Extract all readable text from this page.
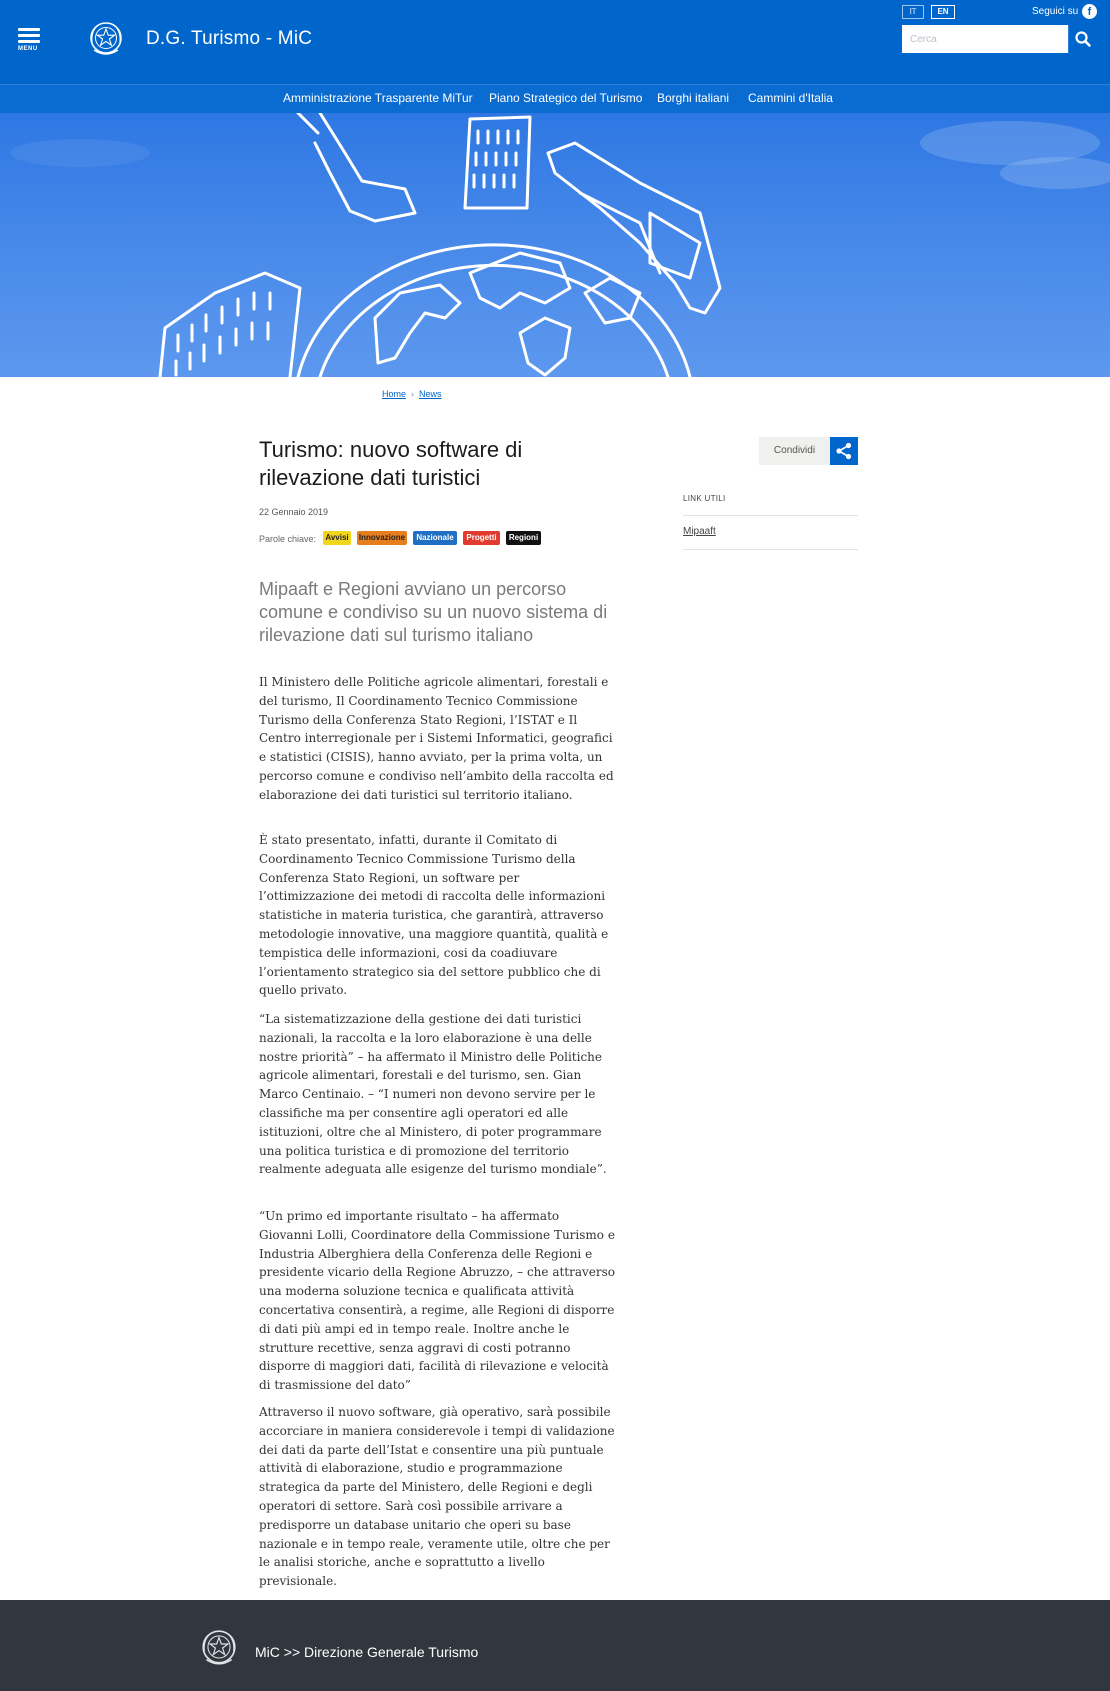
MENU	D.G. Turismo - MiC
IT	EN	Seguici su f
Cerca
Amministrazione Trasparente MiTur Piano Strategico del Turismo Borghi italiani Cammini d'Italia
Home › News
Turismo: nuovo software di rilevazione dati turistici
22 Gennaio 2019
Parole chiave: Avvisi Innovazione	Nazionale	Progetti	Regioni
Mipaaft e Regioni avviano un percorso comune e condiviso su un nuovo sistema di rilevazione dati sul turismo italiano

Il Ministero delle Politiche agricole alimentari, forestali e del turismo, Il Coordinamento Tecnico Commissione Turismo della Conferenza Stato Regioni, l’ISTAT e Il Centro interregionale per i Sistemi Informatici, geografici e statistici (CISIS), hanno avviato, per la prima volta, un percorso comune e condiviso nell’ambito della raccolta ed elaborazione dei dati turistici sul territorio italiano.

È stato presentato, infatti, durante il Comitato di Coordinamento Tecnico Commissione Turismo della Conferenza Stato Regioni, un software per l’ottimizzazione dei metodi di raccolta delle informazioni statistiche in materia turistica, che garantirà, attraverso metodologie innovative, una maggiore quantità, qualità e tempistica delle informazioni, cosi da coadiuvare l’orientamento strategico sia del settore pubblico che di quello privato.

“La sistematizzazione della gestione dei dati turistici nazionali, la raccolta e la loro elaborazione è una delle nostre priorità” – ha affermato il Ministro delle Politiche agricole alimentari, forestali e del turismo, sen. Gian Marco Centinaio. – “I numeri non devono servire per le classifiche ma per consentire agli operatori ed alle istituzioni, oltre che al Ministero, di poter programmare una politica turistica e di promozione del territorio realmente adeguata alle esigenze del turismo mondiale”.

“Un primo ed importante risultato – ha affermato Giovanni Lolli, Coordinatore della Commissione Turismo e Industria Alberghiera della Conferenza delle Regioni e presidente vicario della Regione Abruzzo, – che attraverso una moderna soluzione tecnica e qualificata attività concertativa consentirà, a regime, alle Regioni di disporre di dati più ampi ed in tempo reale. Inoltre anche le strutture recettive, senza aggravi di costi potranno disporre di maggiori dati, facilità di rilevazione e velocità di trasmissione del dato”

Attraverso il nuovo software, già operativo, sarà possibile accorciare in maniera considerevole i tempi di validazione dei dati da parte dell’Istat e consentire una più puntuale attività di elaborazione, studio e programmazione strategica da parte del Ministero, delle Regioni e degli operatori di settore. Sarà così possibile arrivare a predisporre un database unitario che operi su base nazionale e in tempo reale, veramente utile, oltre che per le analisi storiche, anche e soprattutto a livello previsionale.

Condividi
LINK UTILI
Mipaaft
MiC >> Direzione Generale Turismo
